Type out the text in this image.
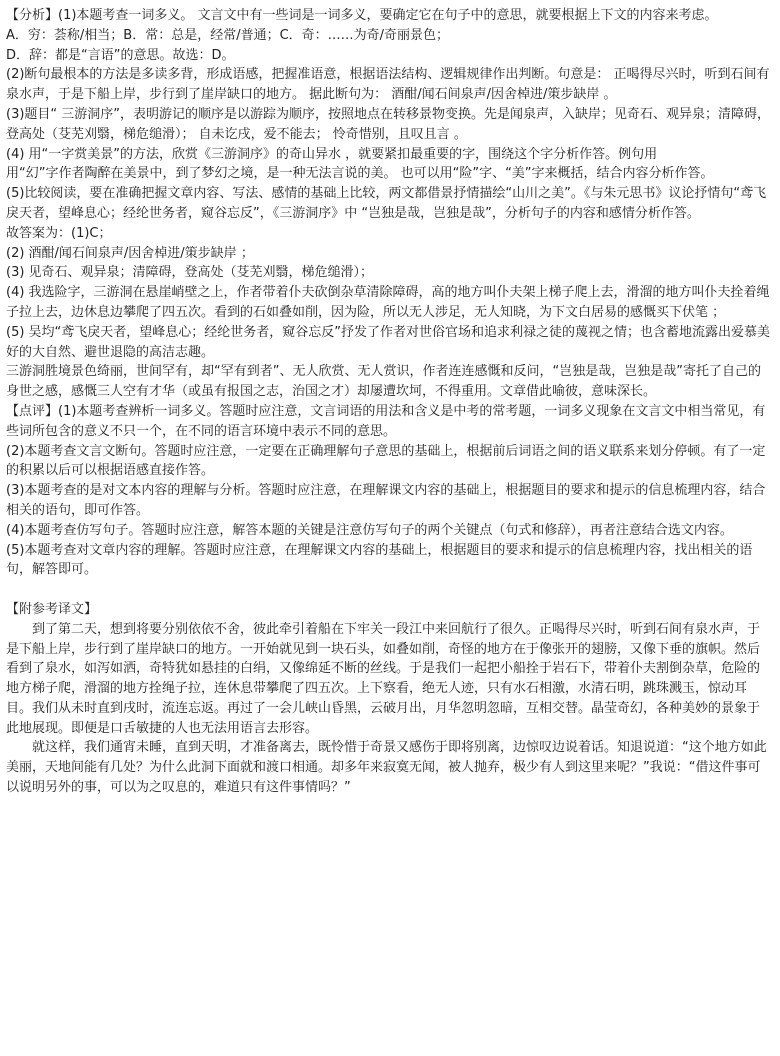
【分析】(1)本题考查一词多义。 文言文中有一些词是一词多义，要确定它在句子中的意思，就要根据上下文的内容来考虑。

A．穷：荟称/相当；B．常：总是，经常/普通；C．奇：……为奇/奇丽景色；

D．辞：都是“言语”的意思。故选：D。

(2)断句最根本的方法是多读多背，形成语感，把握准语意，根据语法结构、逻辑规律作出判断。句意是： 正喝得尽兴时，听到石间有泉水声，于是下船上岸，步行到了崖岸缺口的地方。 据此断句为： 酒酣/闻石间泉声/因舍棹进/策步缺岸 。

(3)题目“ 三游洞序”，表明游记的顺序是以游踪为顺序，按照地点在转移景物变换。先是闻泉声，入缺岸；见奇石、观异泉；清障碍，登高处（芟芜刈翳，梯危缒滑）； 自未讫戌，爱不能去； 怜奇惜别，且叹且言 。

(4) 用“一字赏美景”的方法，欣赏《三游洞序》的奇山异水 ，就要紧扣最重要的字，围绕这个字分析作答。例句用

用“幻”字作者陶醉在美景中，到了梦幻之境，是一种无法言说的美。 也可以用“险”字、“美”字来概括，结合内容分析作答。

(5)比较阅读，要在准确把握文章内容、写法、感情的基础上比较，两文都借景抒情描绘“山川之美”。《与朱元思书》议论抒情句“鸢飞戾天者，望峰息心；经纶世务者，窥谷忘反”，《三游洞序》中 “岂独是哉，岂独是哉”，分析句子的内容和感情分析作答。

故答案为：(1)C；

(2) 酒酣/闻石间泉声/因舍棹进/策步缺岸 ；

(3) 见奇石、观异泉；清障碍，登高处（芟芜刈翳，梯危缒滑）；

(4) 我选险字，三游洞在悬崖峭壁之上，作者带着仆夫砍倒杂草清除障碍，高的地方叫仆夫架上梯子爬上去，滑溜的地方叫仆夫拴着绳子拉上去，边休息边攀爬了四五次。看到的石如叠如削，因为险，所以无人涉足，无人知晓，为下文白居易的感慨买下伏笔 ；

(5) 吴均“鸢飞戾天者，望峰息心；经纶世务者，窥谷忘反”抒发了作者对世俗官场和追求利禄之徒的蔑视之情；也含蓄地流露出爱慕美好的大自然、避世退隐的高洁志趣。

三游洞胜境景色绮丽，世间罕有，却“罕有到者”、无人欣赏、无人赏识，作者连连感慨和反问，“岂独是哉，岂独是哉”寄托了自己的身世之感，感慨三人空有才华（或虽有报国之志，治国之才）却屡遭坎坷，不得重用。文章借此喻彼，意味深长。

【点评】(1)本题考查辨析一词多义。答题时应注意，文言词语的用法和含义是中考的常考题，一词多义现象在文言文中相当常见，有些词所包含的意义不只一个，在不同的语言环境中表示不同的意思。

(2)本题考查文言文断句。答题时应注意，一定要在正确理解句子意思的基础上，根据前后词语之间的语义联系来划分停顿。有了一定的积累以后可以根据语感直接作答。

(3)本题考查的是对文本内容的理解与分析。答题时应注意，在理解课文内容的基础上，根据题目的要求和提示的信息梳理内容，结合相关的语句，即可作答。

(4)本题考查仿写句子。答题时应注意，解答本题的关键是注意仿写句子的两个关键点（句式和修辞），再者注意结合选文内容。

(5)本题考查对文章内容的理解。答题时应注意，在理解课文内容的基础上，根据题目的要求和提示的信息梳理内容，找出相关的语句，解答即可。

【附参考译文】

到了第二天，想到将要分别依依不舍，彼此牵引着船在下牢关一段江中来回航行了很久。正喝得尽兴时，听到石间有泉水声，于是下船上岸，步行到了崖岸缺口的地方。一开始就见到一块石头，如叠如削，奇怪的地方在于像张开的翅膀，又像下垂的旗帜。然后看到了泉水，如泻如洒，奇特犹如悬挂的白绢，又像绵延不断的丝线。于是我们一起把小船拴于岩石下，带着仆夫割倒杂草，危险的地方梯子爬，滑溜的地方拴绳子拉，连休息带攀爬了四五次。上下察看，绝无人迹，只有水石相激，水清石明，跳珠溅玉，惊动耳目。我们从未时直到戌时，流连忘返。再过了一会儿峡山昏黑，云破月出，月华忽明忽暗，互相交替。晶莹奇幻，各种美妙的景象于此地展现。即便是口舌敏捷的人也无法用语言去形容。

就这样，我们通宵未睡，直到天明，才准备离去，既怜惜于奇景又感伤于即将别离，边惊叹边说着话。知退说道：“这个地方如此美丽，天地间能有几处？为什么此洞下面就和渡口相通。却多年来寂寞无闻，被人抛弃，极少有人到这里来呢？”我说：“借这件事可以说明另外的事，可以为之叹息的，难道只有这件事情吗？”
